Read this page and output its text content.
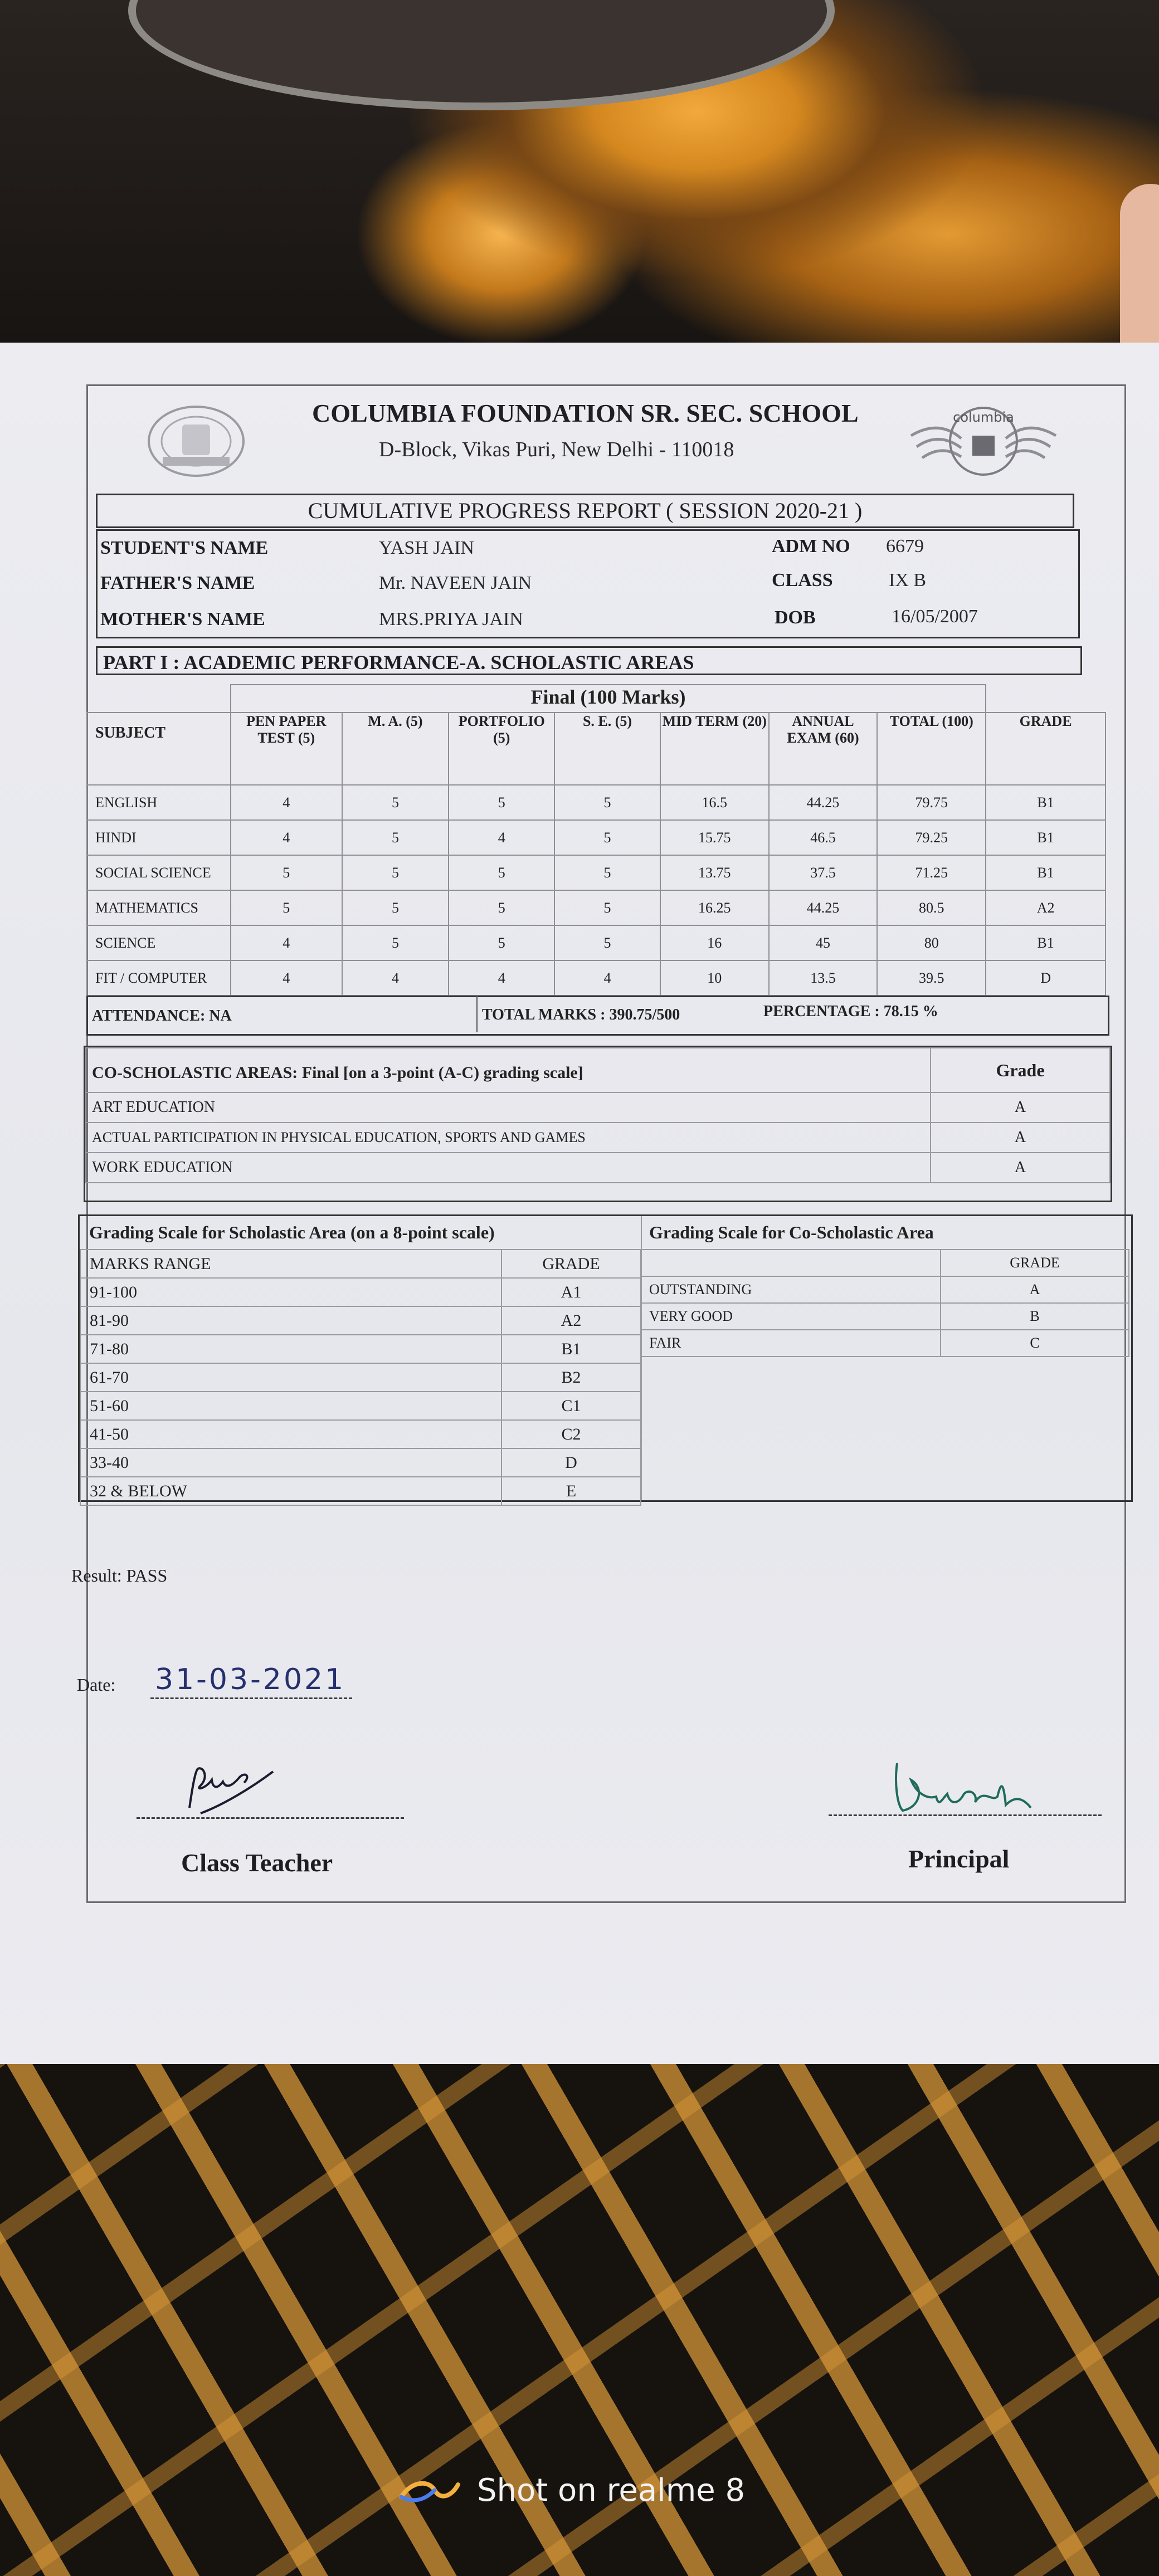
COLUMBIA FOUNDATION SR. SEC. SCHOOL
D-Block, Vikas Puri, New Delhi - 110018
columbia
CUMULATIVE PROGRESS REPORT ( SESSION 2020-21 )
STUDENT'S NAME	YASH JAIN
FATHER'S NAME	Mr. NAVEEN JAIN
MOTHER'S NAME	MRS.PRIYA JAIN
ADM NO 6679
CLASS	IX B
DOB	16/05/2007
PART I : ACADEMIC PERFORMANCE-A. SCHOLASTIC AREAS
	Final (100 Marks)							
SUBJECT	PEN PAPER TEST (5)	M. A. (5)	PORTFOLIO (5)	S. E. (5)	MID TERM (20)	ANNUAL EXAM (60)	TOTAL (100)	GRADE
ENGLISH	4	5	5	5	16.5	44.25	79.75	B1
HINDI	4	5	4	5	15.75	46.5	79.25	B1
SOCIAL SCIENCE	5	5	5	5	13.75	37.5	71.25	B1
MATHEMATICS	5	5	5	5	16.25	44.25	80.5	A2
SCIENCE	4	5	5	5	16	45	80	B1
FIT / COMPUTER	4	4	4	4	10	13.5	39.5	D
ATTENDANCE: NA	TOTAL MARKS : 390.75/500	PERCENTAGE : 78.15 %
CO-SCHOLASTIC AREAS: Final [on a 3-point (A-C) grading scale]	Grade
ART EDUCATION	A
ACTUAL PARTICIPATION IN PHYSICAL EDUCATION, SPORTS AND GAMES	A
WORK EDUCATION	A
Grading Scale for Scholastic Area (on a 8-point scale)	
MARKS RANGE	GRADE
91-100	A1
81-90	A2
71-80	B1
61-70	B2
51-60	C1
41-50	C2
33-40	D
32 & BELOW	E
Grading Scale for Co-Scholastic Area	
	GRADE
OUTSTANDING	A
VERY GOOD	B
FAIR	C
Result: PASS
Date: 31-03-2021
Class Teacher	Principal
Shot on realme 8
